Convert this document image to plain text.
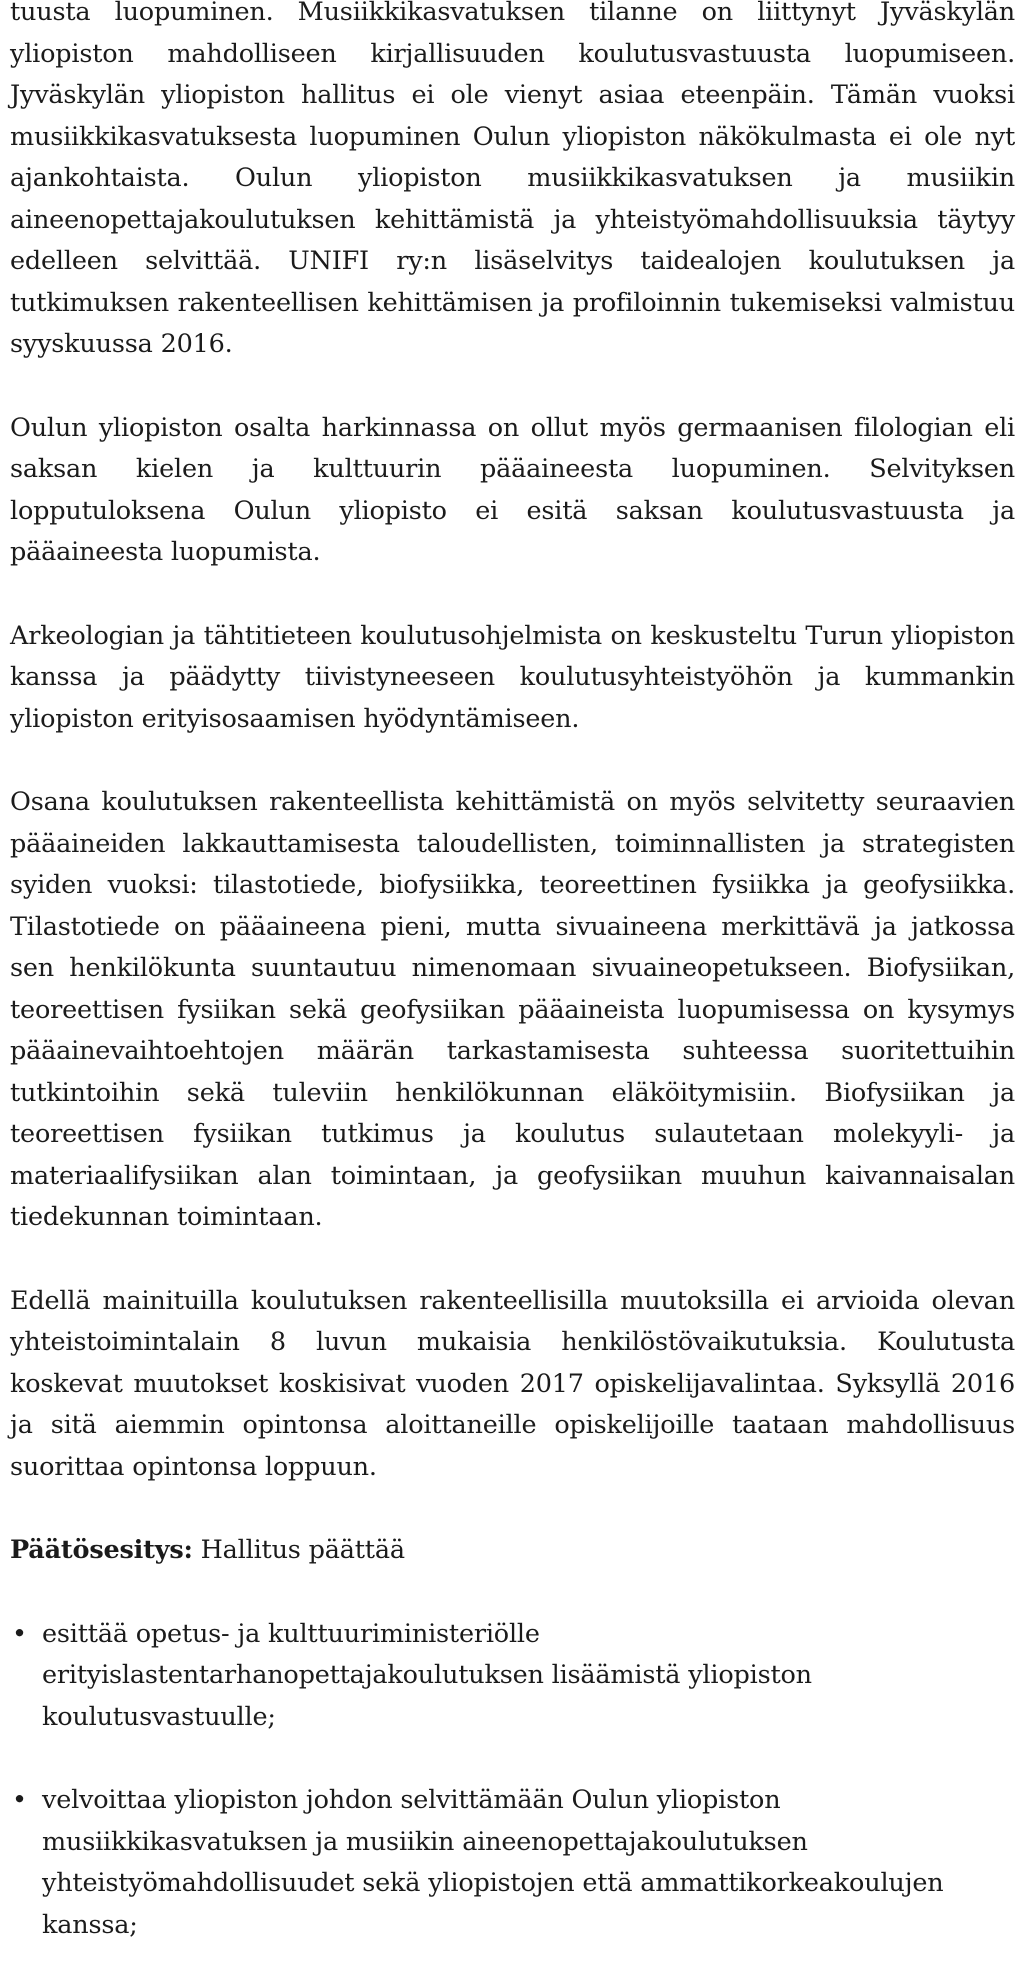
tuusta luopuminen. Musiikkikasvatuksen tilanne on liittynyt Jyväskylän yliopiston mahdolliseen kirjallisuuden koulutusvastuusta luopumiseen. Jyväskylän yliopiston hallitus ei ole vienyt asiaa eteenpäin. Tämän vuoksi musiikkikasvatuksesta luopuminen Oulun yliopiston näkökulmasta ei ole nyt ajankohtaista. Oulun yliopiston musiikkikasvatuksen ja musiikin aineenopettajakoulutuksen kehittämistä ja yhteistyömahdollisuuksia täytyy edelleen selvittää. UNIFI ry:n lisäselvitys taidealojen koulutuksen ja tutkimuksen rakenteellisen kehittämisen ja profiloinnin tukemiseksi valmistuu syyskuussa 2016.

Oulun yliopiston osalta harkinnassa on ollut myös germaanisen filologian eli saksan kielen ja kulttuurin pääaineesta luopuminen. Selvityksen lopputuloksena Oulun yliopisto ei esitä saksan koulutusvastuusta ja pääaineesta luopumista.

Arkeologian ja tähtitieteen koulutusohjelmista on keskusteltu Turun yliopiston kanssa ja päädytty tiivistyneeseen koulutusyhteistyöhön ja kummankin yliopiston erityisosaamisen hyödyntämiseen.

Osana koulutuksen rakenteellista kehittämistä on myös selvitetty seuraavien pääaineiden lakkauttamisesta taloudellisten, toiminnallisten ja strategisten syiden vuoksi: tilastotiede, biofysiikka, teoreettinen fysiikka ja geofysiikka. Tilastotiede on pääaineena pieni, mutta sivuaineena merkittävä ja jatkossa sen henkilökunta suuntautuu nimenomaan sivuaineopetukseen. Biofysiikan, teoreettisen fysiikan sekä geofysiikan pääaineista luopumisessa on kysymys pääainevaihtoehtojen määrän tarkastamisesta suhteessa suoritettuihin tutkintoihin sekä tuleviin henkilökunnan eläköitymisiin. Biofysiikan ja teoreettisen fysiikan tutkimus ja koulutus sulautetaan molekyyli- ja materiaalifysiikan alan toimintaan, ja geofysiikan muuhun kaivannaisalan tiedekunnan toimintaan.

Edellä mainituilla koulutuksen rakenteellisilla muutoksilla ei arvioida olevan yhteistoimintalain 8 luvun mukaisia henkilöstövaikutuksia. Koulutusta koskevat muutokset koskisivat vuoden 2017 opiskelijavalintaa. Syksyllä 2016 ja sitä aiemmin opintonsa aloittaneille opiskelijoille taataan mahdollisuus suorittaa opintonsa loppuun.

Päätösesitys: Hallitus päättää
• esittää opetus- ja kulttuuriministeriölle erityislastentarhanopettajakoulutuksen lisäämistä yliopiston koulutusvastuulle;
• velvoittaa yliopiston johdon selvittämään Oulun yliopiston musiikkikasvatuksen ja musiikin aineenopettajakoulutuksen yhteistyömahdollisuudet sekä yliopistojen että ammattikorkeakoulujen kanssa;
